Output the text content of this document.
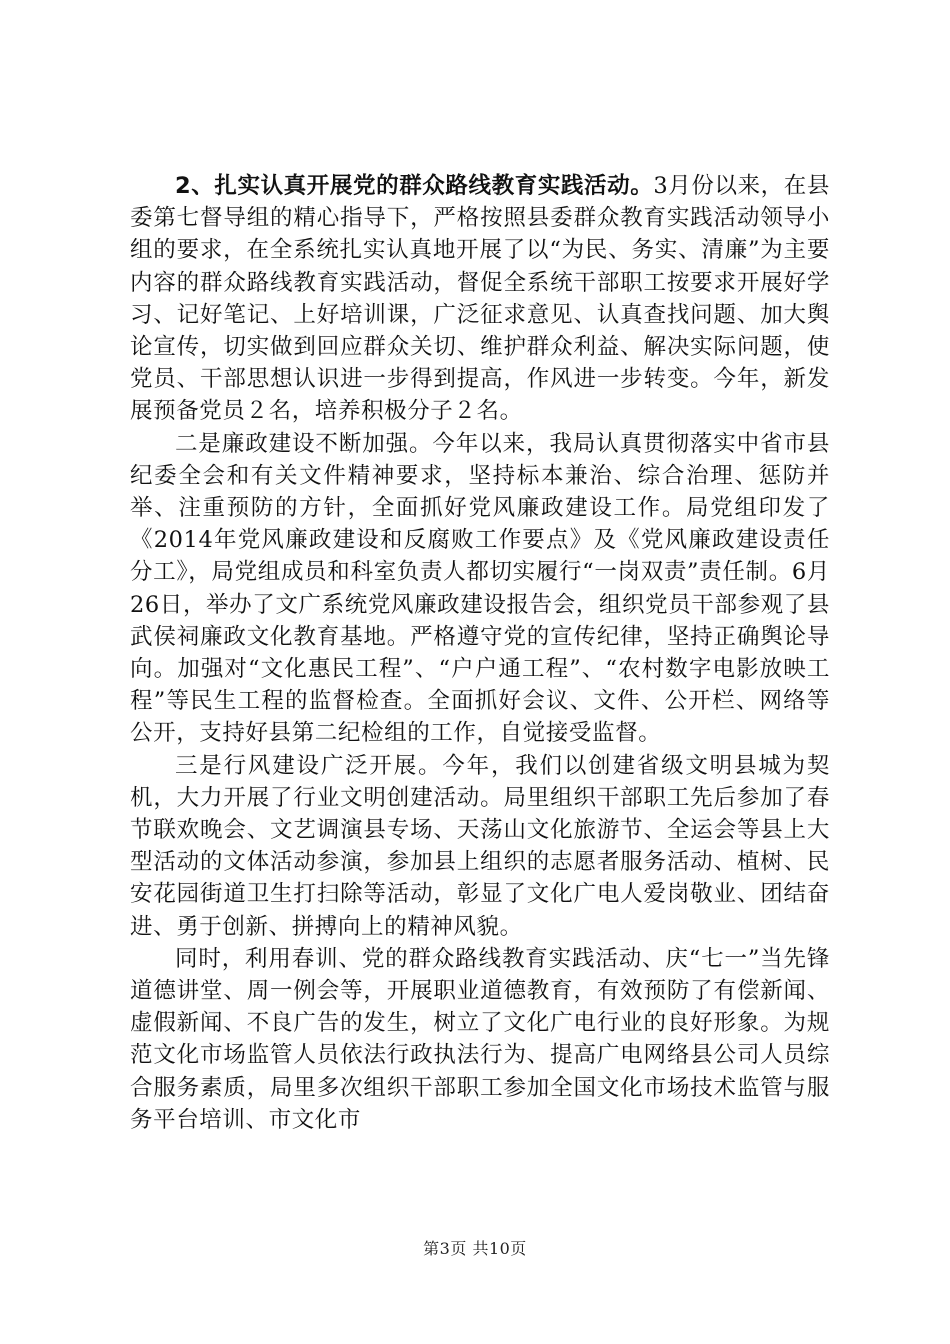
2、扎实认真开展党的群众路线教育实践活动。3月份以来，在县委第七督导组的精心指导下，严格按照县委群众教育实践活动领导小组的要求，在全系统扎实认真地开展了以“为民、务实、清廉”为主要内容的群众路线教育实践活动，督促全系统干部职工按要求开展好学习、记好笔记、上好培训课，广泛征求意见、认真查找问题、加大舆论宣传，切实做到回应群众关切、维护群众利益、解决实际问题，使党员、干部思想认识进一步得到提高，作风进一步转变。今年，新发展预备党员２名，培养积极分子２名。

二是廉政建设不断加强。今年以来，我局认真贯彻落实中省市县纪委全会和有关文件精神要求，坚持标本兼治、综合治理、惩防并举、注重预防的方针，全面抓好党风廉政建设工作。局党组印发了《2014年党风廉政建设和反腐败工作要点》及《党风廉政建设责任分工》，局党组成员和科室负责人都切实履行“一岗双责”责任制。6月26日，举办了文广系统党风廉政建设报告会，组织党员干部参观了县武侯祠廉政文化教育基地。严格遵守党的宣传纪律，坚持正确舆论导向。加强对“文化惠民工程”、“户户通工程”、“农村数字电影放映工程”等民生工程的监督检查。全面抓好会议、文件、公开栏、网络等公开，支持好县第二纪检组的工作，自觉接受监督。

三是行风建设广泛开展。今年，我们以创建省级文明县城为契机，大力开展了行业文明创建活动。局里组织干部职工先后参加了春节联欢晚会、文艺调演县专场、天荡山文化旅游节、全运会等县上大型活动的文体活动参演，参加县上组织的志愿者服务活动、植树、民安花园街道卫生打扫除等活动，彰显了文化广电人爱岗敬业、团结奋进、勇于创新、拼搏向上的精神风貌。

同时，利用春训、党的群众路线教育实践活动、庆“七一”当先锋道德讲堂、周一例会等，开展职业道德教育，有效预防了有偿新闻、虚假新闻、不良广告的发生，树立了文化广电行业的良好形象。为规范文化市场监管人员依法行政执法行为、提高广电网络县公司人员综合服务素质，局里多次组织干部职工参加全国文化市场技术监管与服务平台培训、市文化市

第3页 共10页
